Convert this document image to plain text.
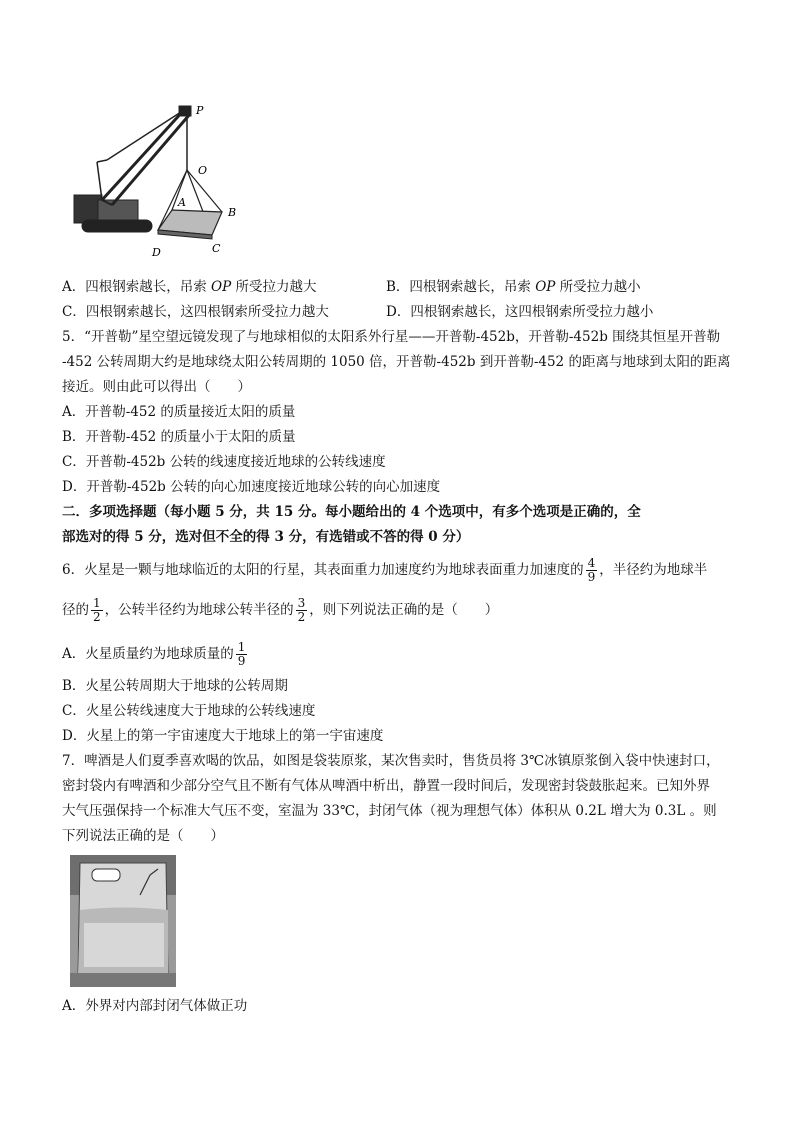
P
O
A
B
C
D
A．四根钢索越长，吊索 OP 所受拉力越大	B．四根钢索越长，吊索 OP 所受拉力越小
C．四根钢索越长，这四根钢索所受拉力越大	D．四根钢索越长，这四根钢索所受拉力越小
5．“开普勒”星空望远镜发现了与地球相似的太阳系外行星——开普勒-452b，开普勒-452b 围绕其恒星开普勒
-452 公转周期大约是地球绕太阳公转周期的 1050 倍，开普勒-452b 到开普勒-452 的距离与地球到太阳的距离
接近。则由此可以得出（　　）
A．开普勒-452 的质量接近太阳的质量
B．开普勒-452 的质量小于太阳的质量
C．开普勒-452b 公转的线速度接近地球的公转线速度
D．开普勒-452b 公转的向心加速度接近地球公转的向心加速度
二．多项选择题（每小题 5 分，共 15 分。每小题给出的 4 个选项中，有多个选项是正确的，全
部选对的得 5 分，选对但不全的得 3 分，有选错或不答的得 0 分）
6．火星是一颗与地球临近的太阳的行星，其表面重力加速度约为地球表面重力加速度的 $\frac{4}{9}$ ，半径约为地球半
径的 $\frac{1}{2}$ ，公转半径约为地球公转半径的 $\frac{3}{2}$ ，则下列说法正确的是（　　）
A．火星质量约为地球质量的 $\frac{1}{9}$
B．火星公转周期大于地球的公转周期
C．火星公转线速度大于地球的公转线速度
D．火星上的第一宇宙速度大于地球上的第一宇宙速度
7．啤酒是人们夏季喜欢喝的饮品，如图是袋装原浆，某次售卖时，售货员将 3℃冰镇原浆倒入袋中快速封口，
密封袋内有啤酒和少部分空气且不断有气体从啤酒中析出，静置一段时间后，发现密封袋鼓胀起来。已知外界
大气压强保持一个标准大气压不变，室温为 33℃，封闭气体（视为理想气体）体积从 0.2L 增大为 0.3L 。则
下列说法正确的是（　　）
A．外界对内部封闭气体做正功
